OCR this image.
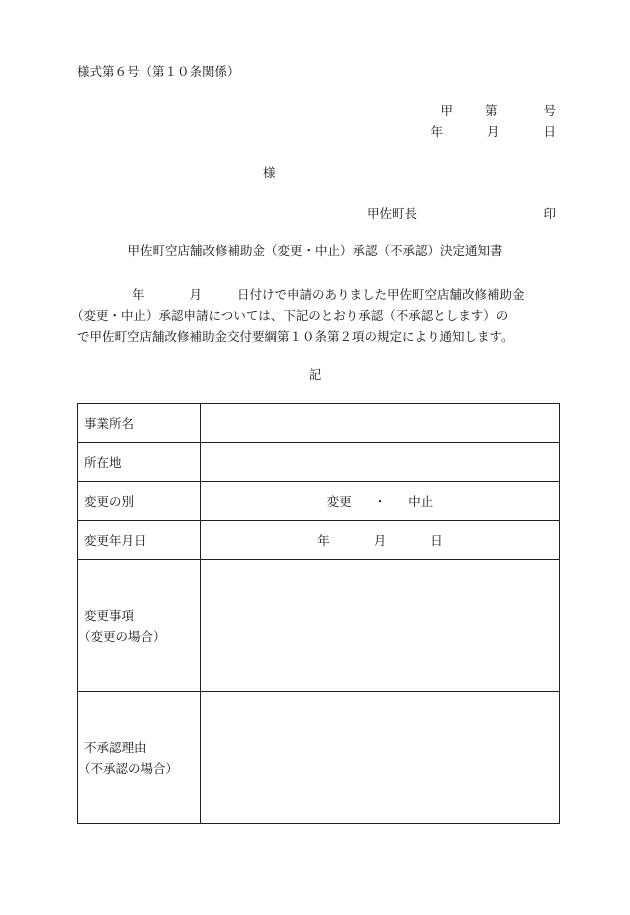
様式第６号（第１０条関係）
甲	第	号
年	月	日
様
甲佐町長	印
甲佐町空店舗改修補助金（変更・中止）承認（不承認）決定通知書
年	月	日付けで申請のありました甲佐町空店舗改修補助金
（変更・中止）承認申請については、下記のとおり承認（不承認とします）の
で甲佐町空店舗改修補助金交付要綱第１０条第２項の規定により通知します。
記
事業所名	
所在地	
変更の別	変更 ・ 中止
変更年月日	年 月 日

変更事項
（変更の場合）	

不承認理由
（不承認の場合）	
